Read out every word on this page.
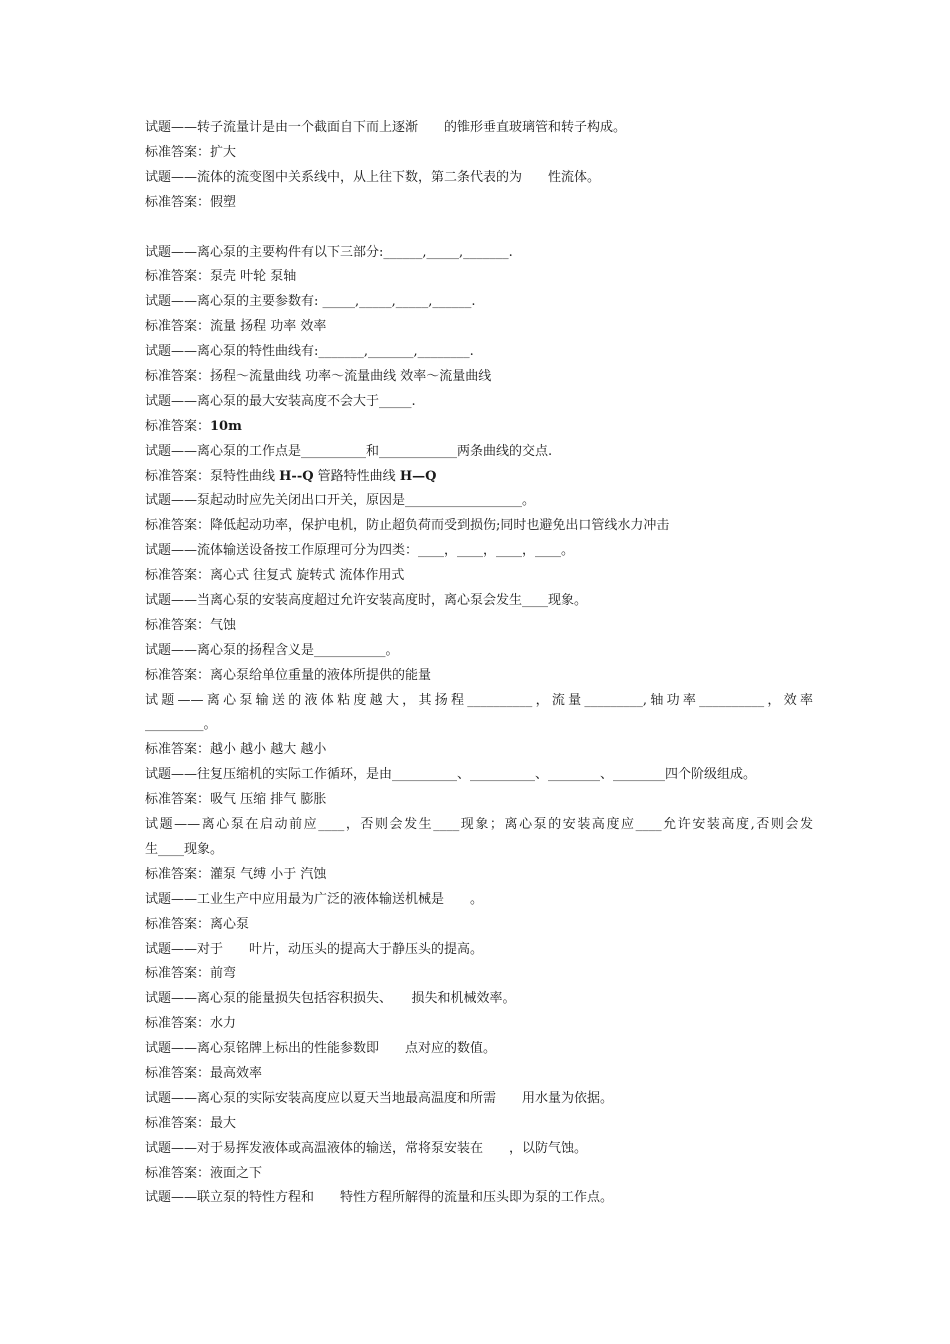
试题——转子流量计是由一个截面自下而上逐渐　　的锥形垂直玻璃管和转子构成。
标准答案：扩大
试题——流体的流变图中关系线中，从上往下数，第二条代表的为　　性流体。
标准答案：假塑
试题——离心泵的主要构件有以下三部分:______,_____,_______.
标准答案：泵壳 叶轮 泵轴
试题——离心泵的主要参数有: _____,_____,_____,______.
标准答案：流量 扬程 功率 效率
试题——离心泵的特性曲线有:_______,_______,________.
标准答案：扬程～流量曲线 功率～流量曲线 效率～流量曲线
试题——离心泵的最大安装高度不会大于_____.
标准答案：10m
试题——离心泵的工作点是__________和____________两条曲线的交点.
标准答案：泵特性曲线 H--Q 管路特性曲线 H—Q
试题——泵起动时应先关闭出口开关，原因是__________________。
标准答案：降低起动功率，保护电机，防止超负荷而受到损伤;同时也避免出口管线水力冲击
试题——流体输送设备按工作原理可分为四类：____，____，____，____。
标准答案：离心式 往复式 旋转式 流体作用式
试题——当离心泵的安装高度超过允许安装高度时，离心泵会发生____现象。
标准答案：气蚀
试题——离心泵的扬程含义是___________。
标准答案：离心泵给单位重量的液体所提供的能量
试题——离心泵输送的液体粘度越大，其扬程__________，流量_________,轴功率__________，效率
_________。
标准答案：越小 越小 越大 越小
试题——往复压缩机的实际工作循环，是由__________、__________、________、________四个阶级组成。
标准答案：吸气 压缩 排气 膨胀
试题——离心泵在启动前应____，否则会发生____现象；离心泵的安装高度应____允许安装高度,否则会发
生____现象。
标准答案：灌泵 气缚 小于 汽蚀
试题——工业生产中应用最为广泛的液体输送机械是　　。
标准答案：离心泵
试题——对于　　叶片，动压头的提高大于静压头的提高。
标准答案：前弯
试题——离心泵的能量损失包括容积损失、　　损失和机械效率。
标准答案：水力
试题——离心泵铭牌上标出的性能参数即　　点对应的数值。
标准答案：最高效率
试题——离心泵的实际安装高度应以夏天当地最高温度和所需　　用水量为依据。
标准答案：最大
试题——对于易挥发液体或高温液体的输送，常将泵安装在　　，以防气蚀。
标准答案：液面之下
试题——联立泵的特性方程和　　特性方程所解得的流量和压头即为泵的工作点。
